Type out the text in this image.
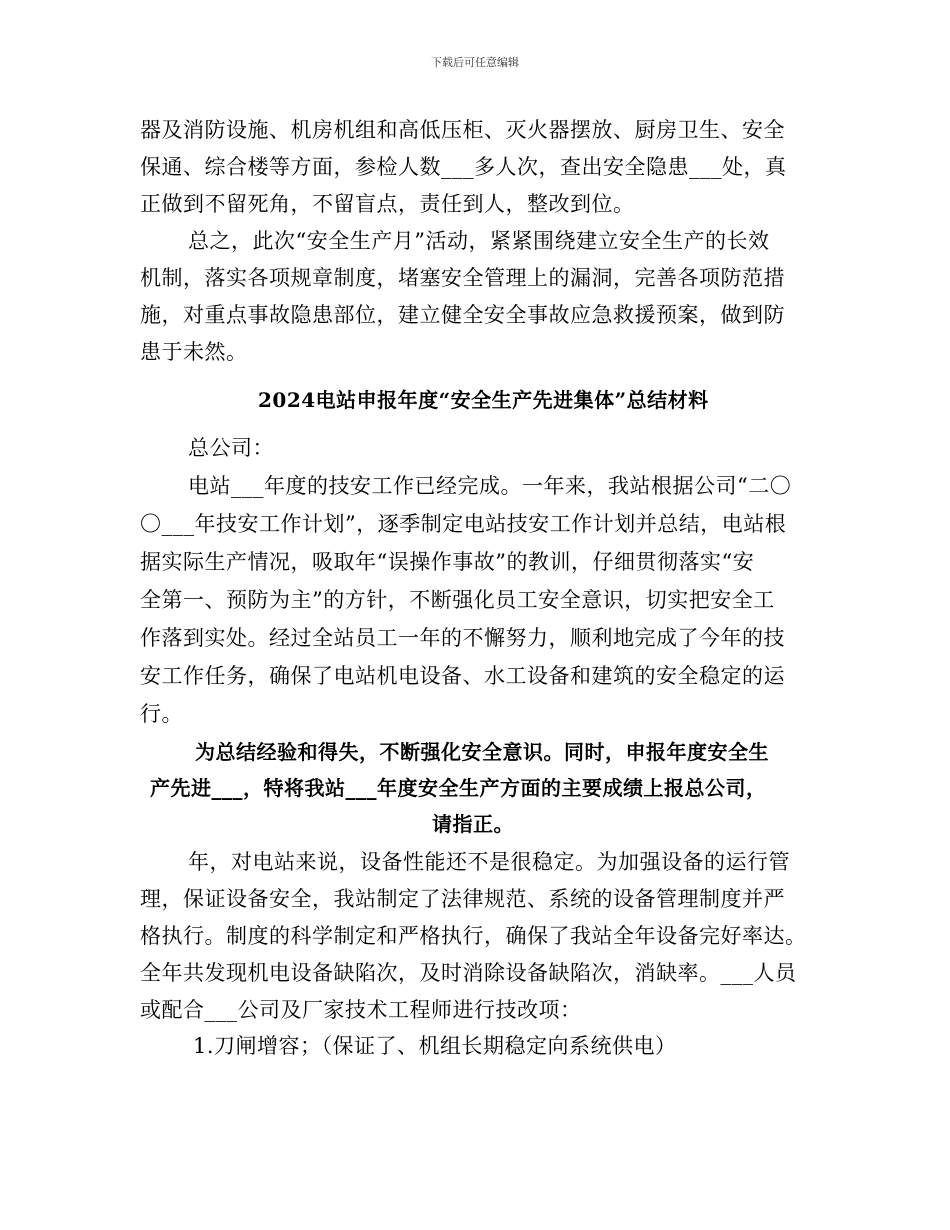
下载后可任意编辑
器及消防设施、机房机组和高低压柜、灭火器摆放、厨房卫生、安全
保通、综合楼等方面，参检人数___多人次，查出安全隐患___处，真
正做到不留死角，不留盲点，责任到人，整改到位。
总之，此次“安全生产月”活动，紧紧围绕建立安全生产的长效
机制，落实各项规章制度，堵塞安全管理上的漏洞，完善各项防范措
施，对重点事故隐患部位，建立健全安全事故应急救援预案，做到防
患于未然。
2024电站申报年度“安全生产先进集体”总结材料
总公司：
电站___年度的技安工作已经完成。一年来，我站根据公司“二〇
〇___年技安工作计划”，逐季制定电站技安工作计划并总结，电站根
据实际生产情况，吸取年“误操作事故”的教训，仔细贯彻落实“安
全第一、预防为主”的方针，不断强化员工安全意识，切实把安全工
作落到实处。经过全站员工一年的不懈努力，顺利地完成了今年的技
安工作任务，确保了电站机电设备、水工设备和建筑的安全稳定的运
行。
为总结经验和得失，不断强化安全意识。同时，申报年度安全生
产先进___，特将我站___年度安全生产方面的主要成绩上报总公司，
请指正。
年，对电站来说，设备性能还不是很稳定。为加强设备的运行管
理，保证设备安全，我站制定了法律规范、系统的设备管理制度并严
格执行。制度的科学制定和严格执行，确保了我站全年设备完好率达。
全年共发现机电设备缺陷次，及时消除设备缺陷次，消缺率。___人员
或配合___公司及厂家技术工程师进行技改项：
1.刀闸增容；（保证了、机组长期稳定向系统供电）
